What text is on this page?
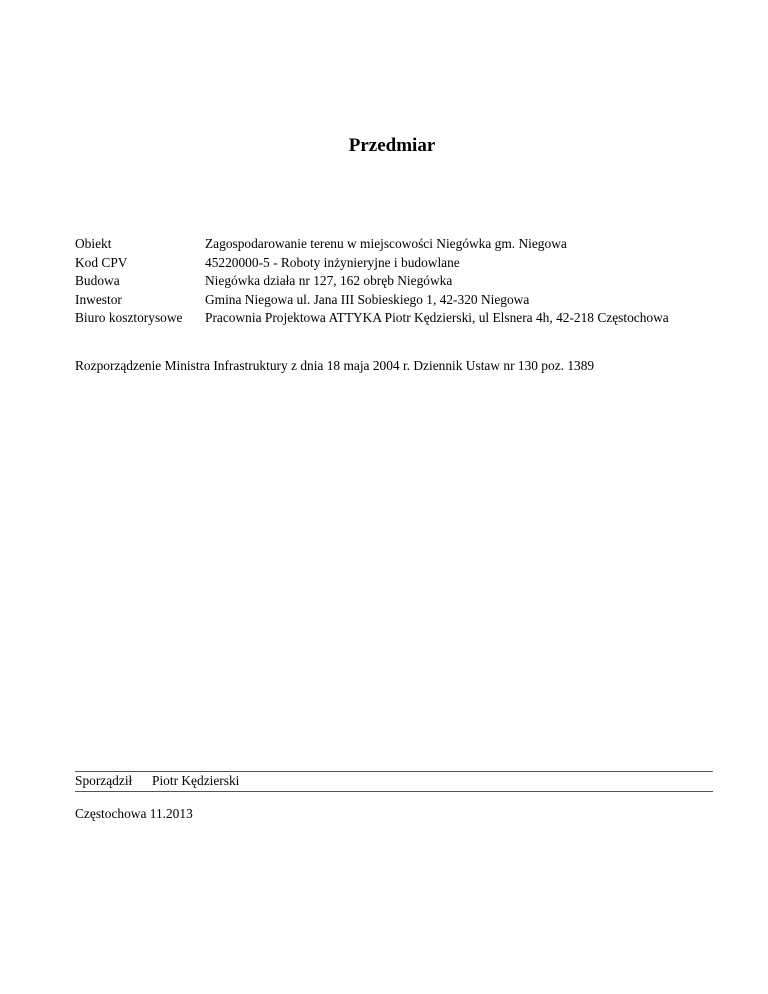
Przedmiar
Obiekt	Zagospodarowanie terenu w miejscowości Niegówka gm. Niegowa
Kod CPV	45220000-5 - Roboty inżynieryjne i budowlane
Budowa	Niegówka działa nr 127, 162 obręb Niegówka
Inwestor	Gmina Niegowa ul. Jana III Sobieskiego 1, 42-320 Niegowa
Biuro kosztorysowe	Pracownia Projektowa ATTYKA Piotr Kędzierski, ul Elsnera 4h, 42-218 Częstochowa
Rozporządzenie Ministra Infrastruktury z dnia 18 maja 2004 r. Dziennik Ustaw nr 130 poz. 1389
Sporządził	Piotr Kędzierski
Częstochowa 11.2013
